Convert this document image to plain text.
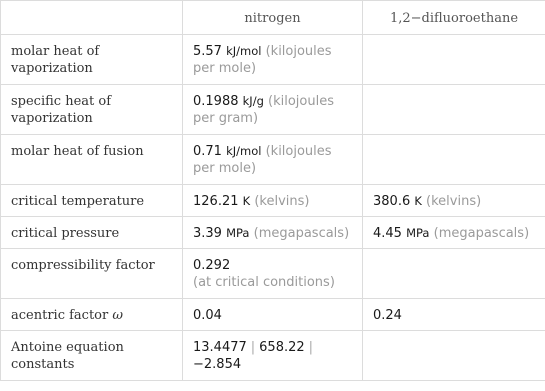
	nitrogen	1,2−difluoroethane
molar heat of vaporization	5.57 kJ/mol (kilojoules per mole)	
specific heat of vaporization	0.1988 kJ/g (kilojoules per gram)	
molar heat of fusion	0.71 kJ/mol (kilojoules per mole)	
critical temperature	126.21 K (kelvins)	380.6 K (kelvins)
critical pressure	3.39 MPa (megapascals)	4.45 MPa (megapascals)
compressibility factor	0.292
(at critical conditions)	
acentric factor ω	0.04	0.24
Antoine equation constants	13.4477 | 658.22 |
−2.854	
